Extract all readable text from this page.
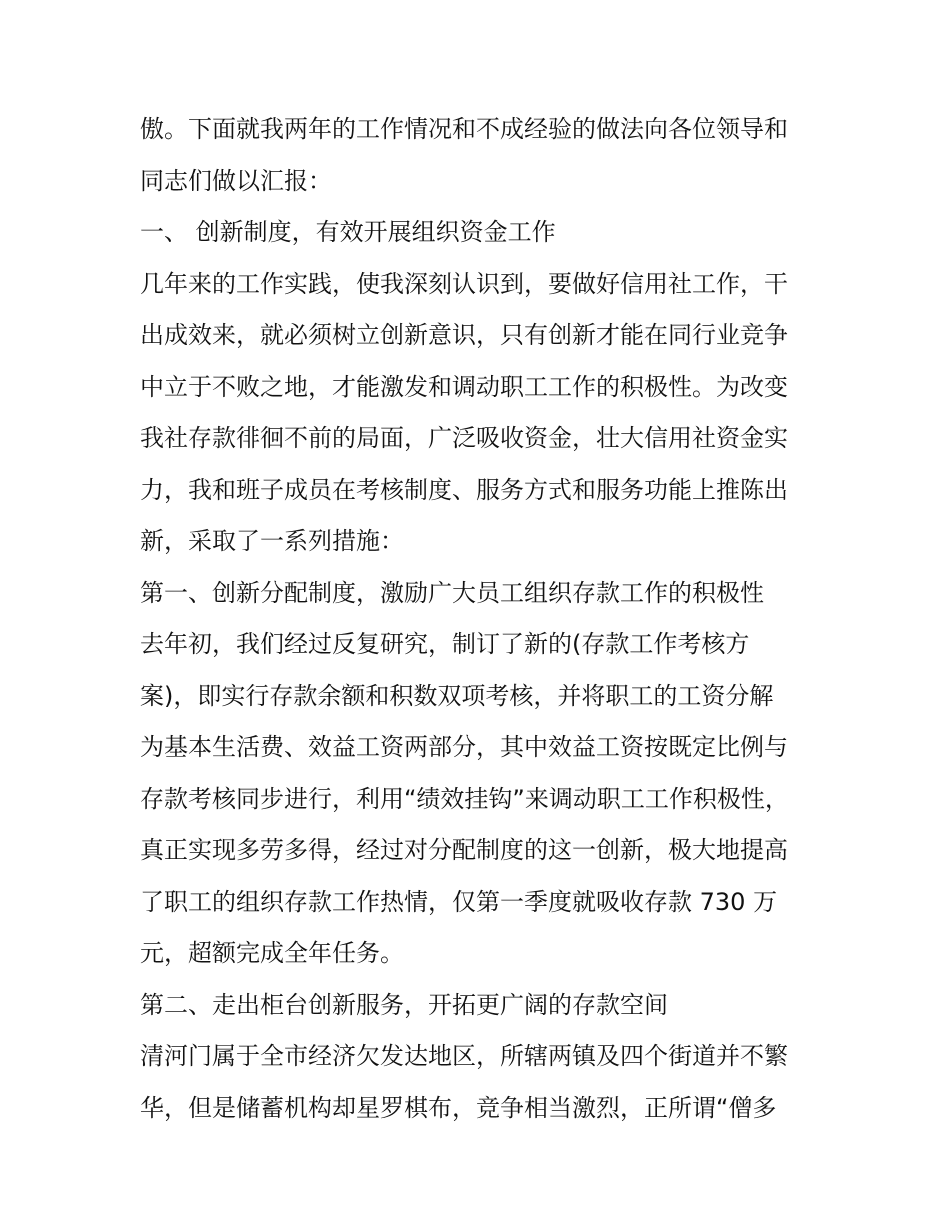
傲。下面就我两年的工作情况和不成经验的做法向各位领导和
同志们做以汇报：
一、 创新制度，有效开展组织资金工作
几年来的工作实践，使我深刻认识到，要做好信用社工作，干
出成效来，就必须树立创新意识，只有创新才能在同行业竞争
中立于不败之地，才能激发和调动职工工作的积极性。为改变
我社存款徘徊不前的局面，广泛吸收资金，壮大信用社资金实
力，我和班子成员在考核制度、服务方式和服务功能上推陈出
新，采取了一系列措施：
第一、创新分配制度，激励广大员工组织存款工作的积极性
去年初，我们经过反复研究，制订了新的(存款工作考核方
案)，即实行存款余额和积数双项考核，并将职工的工资分解
为基本生活费、效益工资两部分，其中效益工资按既定比例与
存款考核同步进行，利用“绩效挂钩”来调动职工工作积极性，
真正实现多劳多得，经过对分配制度的这一创新，极大地提高
了职工的组织存款工作热情，仅第一季度就吸收存款 730 万
元，超额完成全年任务。
第二、走出柜台创新服务，开拓更广阔的存款空间
清河门属于全市经济欠发达地区，所辖两镇及四个街道并不繁
华，但是储蓄机构却星罗棋布，竞争相当激烈，正所谓“僧多
